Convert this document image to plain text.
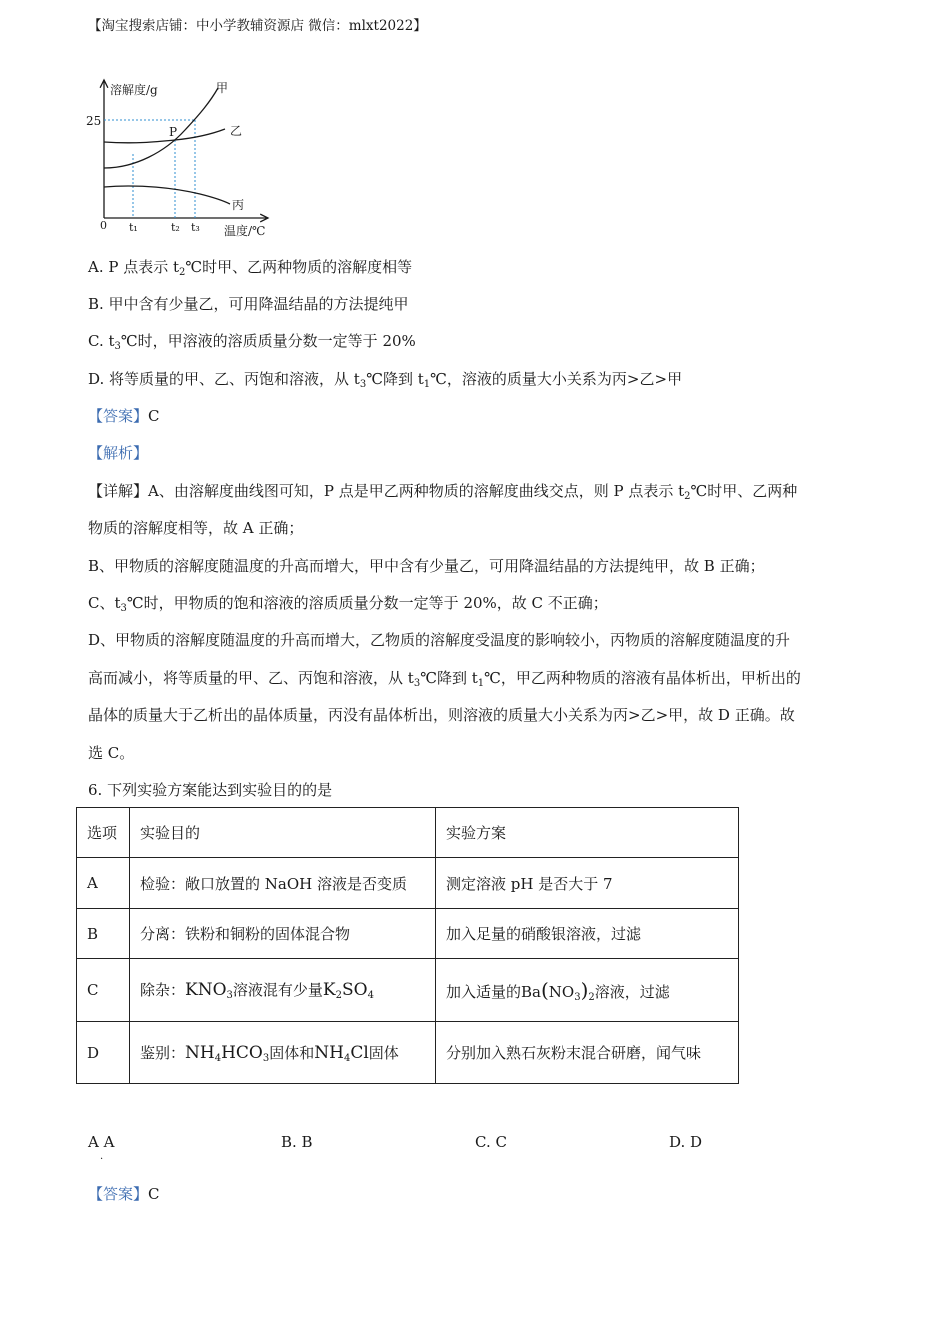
【淘宝搜索店铺：中小学教辅资源店 微信：mlxt2022】
溶解度/g
温度/℃
0
25
甲
乙
丙
P
t₁	t₂ t₃
A. P 点表示 $t_2℃$时甲、乙两种物质的溶解度相等
B. 甲中含有少量乙，可用降温结晶的方法提纯甲
C. $t_3℃$时，甲溶液的溶质质量分数一定等于 20%
D. 将等质量的甲、乙、丙饱和溶液，从 $t_3℃$降到 $t_1℃$，溶液的质量大小关系为丙>乙>甲
【答案】C
【解析】
【详解】A、由溶解度曲线图可知，P 点是甲乙两种物质的溶解度曲线交点，则 P 点表示 $t_2℃$时甲、乙两种
物质的溶解度相等，故 A 正确；
B、甲物质的溶解度随温度的升高而增大，甲中含有少量乙，可用降温结晶的方法提纯甲，故 B 正确；
C、$t_3℃$时，甲物质的饱和溶液的溶质质量分数一定等于 20%，故 C 不正确；
D、甲物质的溶解度随温度的升高而增大，乙物质的溶解度受温度的影响较小，丙物质的溶解度随温度的升
高而减小，将等质量的甲、乙、丙饱和溶液，从 $t_3℃$降到 $t_1℃$，甲乙两种物质的溶液有晶体析出，甲析出的
晶体的质量大于乙析出的晶体质量，丙没有晶体析出，则溶液的质量大小关系为丙>乙>甲，故 D 正确。故
选 C。
6. 下列实验方案能达到实验目的的是
选项	实验目的	实验方案
A	检验：敞口放置的 NaOH 溶液是否变质	测定溶液 pH 是否大于 7
B	分离：铁粉和铜粉的固体混合物	加入足量的硝酸银溶液，过滤
C	除杂：$KNO_3$溶液混有少量$K_2SO_4$	加入适量的$Ba(NO_3)_2$溶液，过滤
D	鉴别：$NH_4HCO_3$固体和$NH_4Cl$固体	分别加入熟石灰粉末混合研磨，闻气味
A A
.
B. B	C. C	D. D
【答案】C
